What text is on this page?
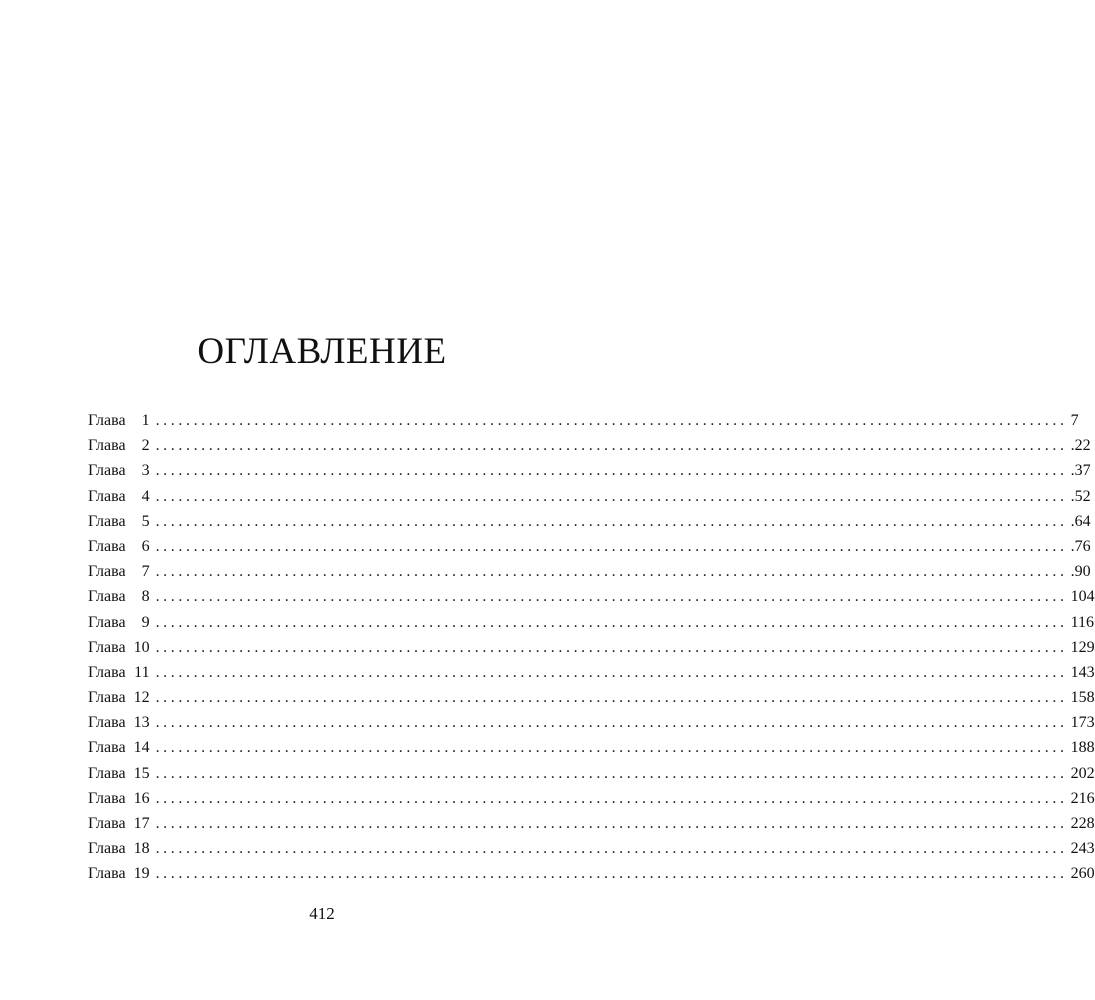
ОГЛАВЛЕНИЕ
Глава	1 ........................................................................................................................ 7
Глава	2 ........................................................................................................................ .22
Глава	3 ........................................................................................................................ .37
Глава	4 ........................................................................................................................ .52
Глава	5 ........................................................................................................................ .64
Глава	6 ........................................................................................................................ .76
Глава	7 ........................................................................................................................ .90
Глава	8 ........................................................................................................................ 104
Глава	9 ........................................................................................................................ 116
Глава 10 ........................................................................................................................ 129
Глава 11 ........................................................................................................................ 143
Глава 12 ........................................................................................................................ 158
Глава 13 ........................................................................................................................ 173
Глава 14 ........................................................................................................................ 188
Глава 15 ........................................................................................................................ 202
Глава 16 ........................................................................................................................ 216
Глава 17 ........................................................................................................................ 228
Глава 18 ........................................................................................................................ 243
Глава 19 ........................................................................................................................ 260
412
